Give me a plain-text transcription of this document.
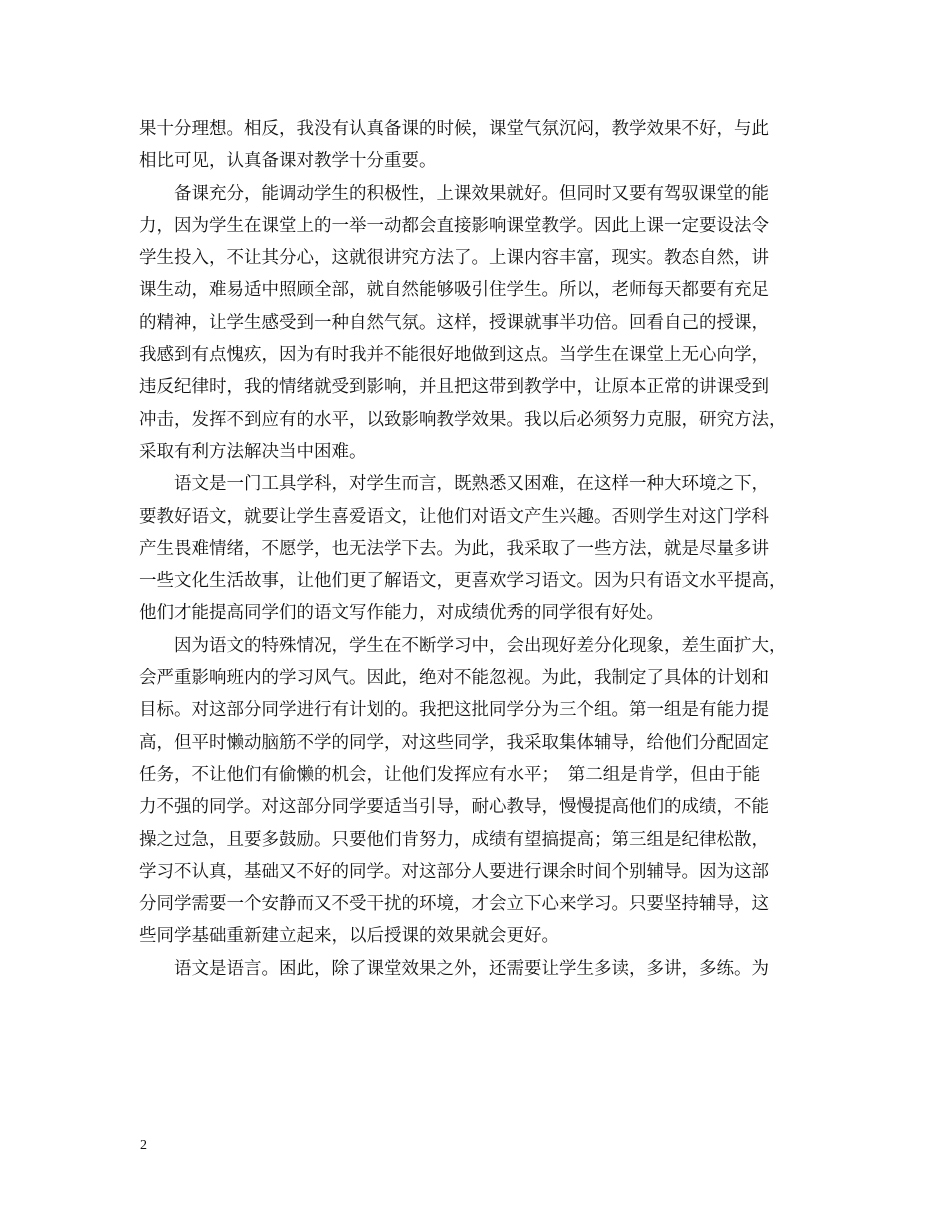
果十分理想。相反，我没有认真备课的时候，课堂气氛沉闷，教学效果不好，与此
相比可见，认真备课对教学十分重要。
　　备课充分，能调动学生的积极性，上课效果就好。但同时又要有驾驭课堂的能
力，因为学生在课堂上的一举一动都会直接影响课堂教学。因此上课一定要设法令
学生投入，不让其分心，这就很讲究方法了。上课内容丰富，现实。教态自然，讲
课生动，难易适中照顾全部，就自然能够吸引住学生。所以，老师每天都要有充足
的精神，让学生感受到一种自然气氛。这样，授课就事半功倍。回看自己的授课，
我感到有点愧疚，因为有时我并不能很好地做到这点。当学生在课堂上无心向学，
违反纪律时，我的情绪就受到影响，并且把这带到教学中，让原本正常的讲课受到
冲击，发挥不到应有的水平，以致影响教学效果。我以后必须努力克服，研究方法，
采取有利方法解决当中困难。
　　语文是一门工具学科，对学生而言，既熟悉又困难，在这样一种大环境之下，
要教好语文，就要让学生喜爱语文，让他们对语文产生兴趣。否则学生对这门学科
产生畏难情绪，不愿学，也无法学下去。为此，我采取了一些方法，就是尽量多讲
一些文化生活故事，让他们更了解语文，更喜欢学习语文。因为只有语文水平提高，
他们才能提高同学们的语文写作能力，对成绩优秀的同学很有好处。
　　因为语文的特殊情况，学生在不断学习中，会出现好差分化现象，差生面扩大，
会严重影响班内的学习风气。因此，绝对不能忽视。为此，我制定了具体的计划和
目标。对这部分同学进行有计划的。我把这批同学分为三个组。第一组是有能力提
高，但平时懒动脑筋不学的同学，对这些同学，我采取集体辅导，给他们分配固定
任务，不让他们有偷懒的机会，让他们发挥应有水平；　第二组是肯学，但由于能
力不强的同学。对这部分同学要适当引导，耐心教导，慢慢提高他们的成绩，不能
操之过急，且要多鼓励。只要他们肯努力，成绩有望搞提高；第三组是纪律松散，
学习不认真，基础又不好的同学。对这部分人要进行课余时间个别辅导。因为这部
分同学需要一个安静而又不受干扰的环境，才会立下心来学习。只要坚持辅导，这
些同学基础重新建立起来，以后授课的效果就会更好。
　　语文是语言。困此，除了课堂效果之外，还需要让学生多读，多讲，多练。为
2
